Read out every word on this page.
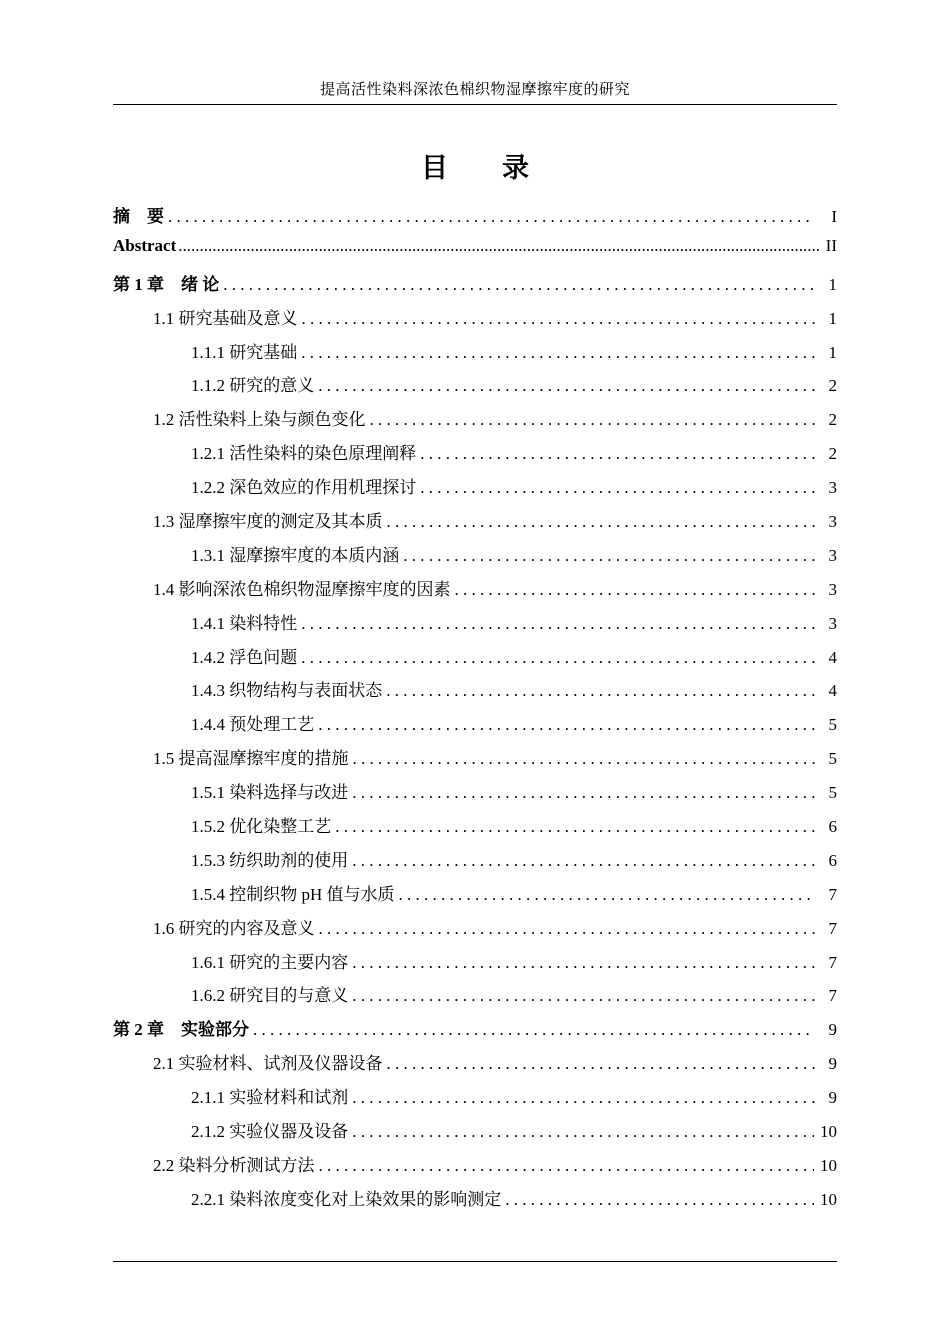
提高活性染料深浓色棉织物湿摩擦牢度的研究
目　　录
摘　要 . . .	I
Abstract .....	II
第 1 章　绪 论 . . .	1
1.1 研究基础及意义 . . .	1
1.1.1 研究基础 . . .	1
1.1.2 研究的意义 . . .	2
1.2 活性染料上染与颜色变化 . . .	2
1.2.1 活性染料的染色原理阐释 . . .	2
1.2.2 深色效应的作用机理探讨 . . .	3
1.3 湿摩擦牢度的测定及其本质 . . .	3
1.3.1 湿摩擦牢度的本质内涵 . . .	3
1.4 影响深浓色棉织物湿摩擦牢度的因素 . . .	3
1.4.1 染料特性 . . .	3
1.4.2 浮色问题 . . .	4
1.4.3 织物结构与表面状态 . . .	4
1.4.4 预处理工艺 . . .	5
1.5 提高湿摩擦牢度的措施 . . .	5
1.5.1 染料选择与改进 . . .	5
1.5.2 优化染整工艺 . . .	6
1.5.3 纺织助剂的使用 . . .	6
1.5.4 控制织物 pH 值与水质 . . .	7
1.6 研究的内容及意义 . . .	7
1.6.1 研究的主要内容 . . .	7
1.6.2 研究目的与意义 . . .	7
第 2 章　实验部分 . . .	9
2.1 实验材料、试剂及仪器设备 . . .	9
2.1.1 实验材料和试剂 . . .	9
2.1.2 实验仪器及设备 . . .	10
2.2 染料分析测试方法 . . .	10
2.2.1 染料浓度变化对上染效果的影响测定 . . .	10
